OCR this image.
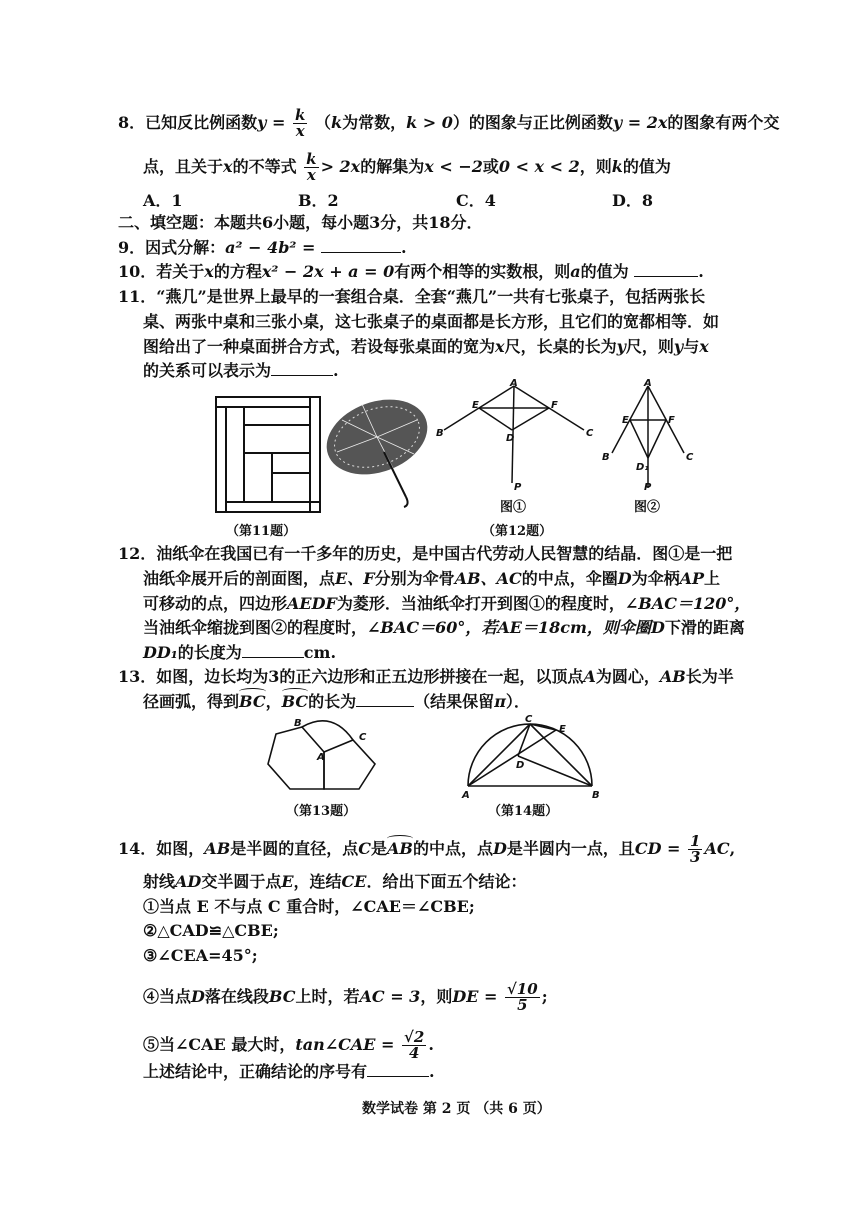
8．已知反比例函数$y = \frac{k}{x} (k$为常数，k > 0）的图象与正比例函数y = 2x的图象有两个交
点，且关于x的不等式 $\frac{k}{x} > 2x$的解集为x < −2或0 < x < 2，则k的值为
A．1	B．2	C．4	D．8
二、填空题：本题共6小题，每小题3分，共18分．
9．因式分解：a² − 4b² =	.
10．若关于x的方程x² − 2x + a = 0有两个相等的实数根，则a的值为	.
11．“燕几”是世界上最早的一套组合桌．全套“燕几”一共有七张桌子，包括两张长
桌、两张中桌和三张小桌，这七张桌子的桌面都是长方形，且它们的宽都相等．如
图给出了一种桌面拼合方式，若设每张桌面的宽为x尺，长桌的长为y尺，则y与x
的关系可以表示为	.
（第11题）
A
E	F
D
B	C
P
图①
A
E	F
D₁
B	C
P
图②
（第12题）
12．油纸伞在我国已有一千多年的历史，是中国古代劳动人民智慧的结晶．图①是一把
油纸伞展开后的剖面图，点E、F分别为伞骨AB、AC的中点，伞圈D为伞柄AP上
可移动的点，四边形AEDF为菱形．当油纸伞打开到图①的程度时，∠BAC＝120°，
当油纸伞缩拢到图②的程度时，∠BAC＝60°，若AE＝18cm，则伞圈D下滑的距离
DD₁的长度为	cm.
13．如图，边长均为3的正六边形和正五边形拼接在一起，以顶点A为圆心，AB长为半
径画弧，得到BC，BC的长为	（结果保留π）．
B
A
C
（第13题）
C
E
D
A	B
（第14题）
14．如图，AB是半圆的直径，点C是AB的中点，点D是半圆内一点，且CD = $\frac{1}{3}$ AC,
射线AD交半圆于点E，连结CE．给出下面五个结论：
①当点 E 不与点 C 重合时，∠CAE＝∠CBE;
②△CAD≌△CBE;
③∠CEA=45°;
④当点D落在线段BC上时，若AC = 3，则DE = $\frac{√10}{5}$ ;
⑤当∠CAE 最大时，tan∠CAE = $\frac{√2}{4}$ .
上述结论中，正确结论的序号有	.
数学试卷 第 2 页 （共 6 页）
